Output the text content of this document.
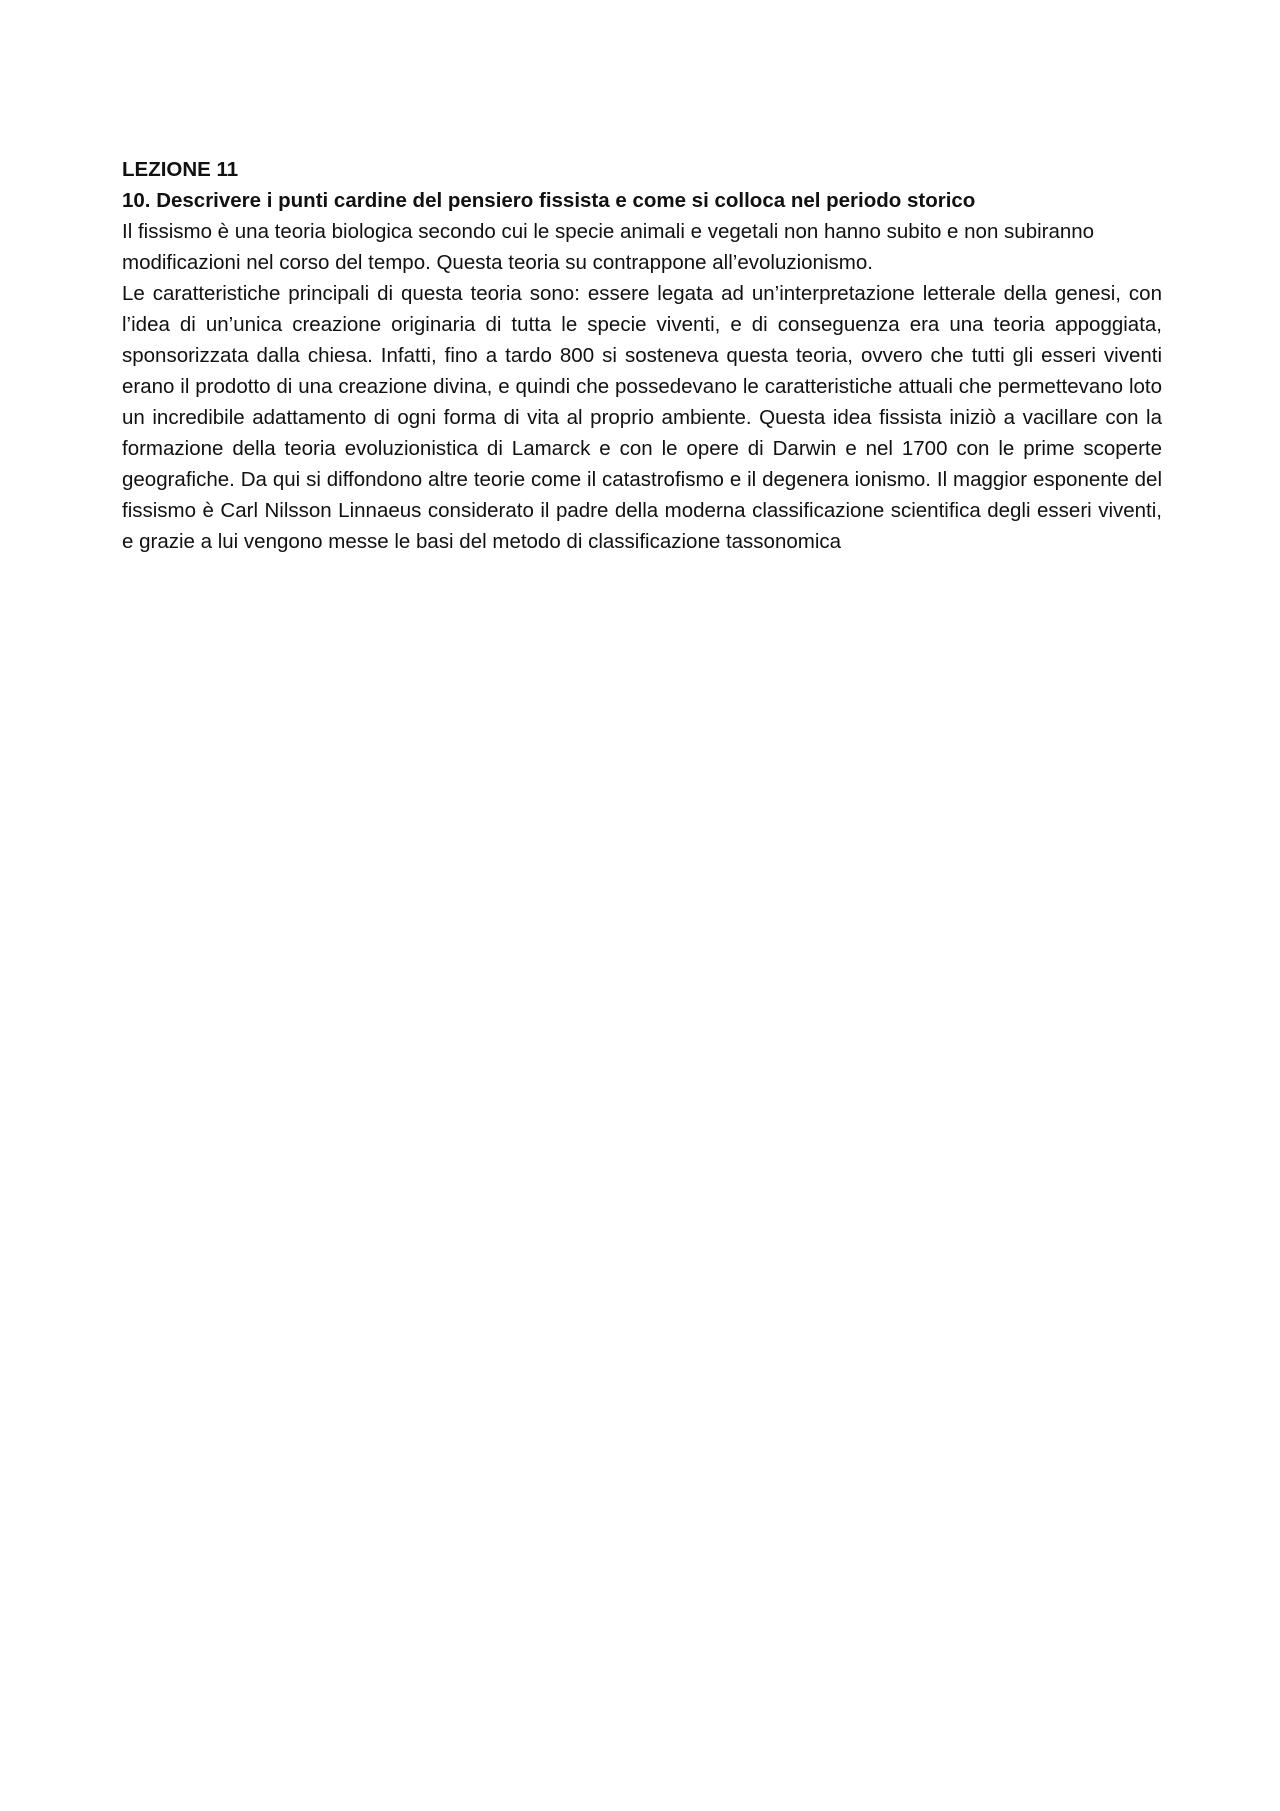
LEZIONE 11

10. Descrivere i punti cardine del pensiero fissista e come si colloca nel periodo storico

Il fissismo è una teoria biologica secondo cui le specie animali e vegetali non hanno subito e non subiranno modificazioni nel corso del tempo. Questa teoria su contrappone all’evoluzionismo.

Le caratteristiche principali di questa teoria sono: essere legata ad un’interpretazione letterale della genesi, con l’idea di un’unica creazione originaria di tutta le specie viventi, e di conseguenza era una teoria appoggiata, sponsorizzata dalla chiesa. Infatti, fino a tardo 800 si sosteneva questa teoria, ovvero che tutti gli esseri viventi erano il prodotto di una creazione divina, e quindi che possedevano le caratteristiche attuali che permettevano loto un incredibile adattamento di ogni forma di vita al proprio ambiente. Questa idea fissista iniziò a vacillare con la formazione della teoria evoluzionistica di Lamarck e con le opere di Darwin e nel 1700 con le prime scoperte geografiche. Da qui si diffondono altre teorie come il catastrofismo e il degenera ionismo. Il maggior esponente del fissismo è Carl Nilsson Linnaeus considerato il padre della moderna classificazione scientifica degli esseri viventi, e grazie a lui vengono messe le basi del metodo di classificazione tassonomica
